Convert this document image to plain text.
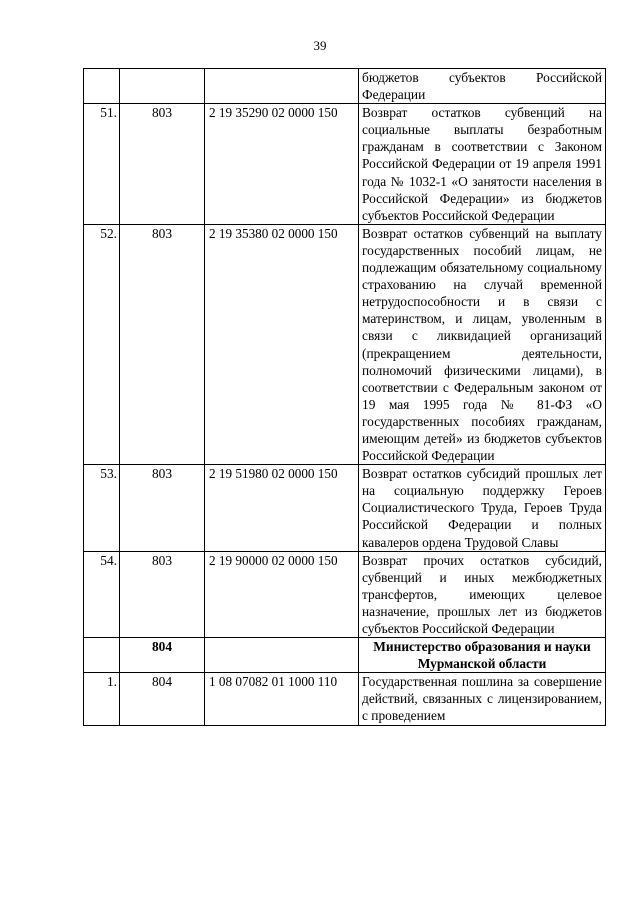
39
			бюджетов субъектов Российской Федерации
51.	803	2 19 35290 02 0000 150	Возврат остатков субвенций на социальные выплаты безработным гражданам в соответствии с Законом Российской Федерации от 19 апреля 1991 года № 1032-1 «О занятости населения в Российской Федерации» из бюджетов субъектов Российской Федерации
52.	803	2 19 35380 02 0000 150	Возврат остатков субвенций на выплату государственных пособий лицам, не подлежащим обязательному социальному страхованию на случай временной нетрудоспособности и в связи с материнством, и лицам, уволенным в связи с ликвидацией организаций (прекращением деятельности, полномочий физическими лицами), в соответствии с Федеральным законом от 19 мая 1995 года № 81-ФЗ «О государственных пособиях гражданам, имеющим детей» из бюджетов субъектов Российской Федерации
53.	803	2 19 51980 02 0000 150	Возврат остатков субсидий прошлых лет на социальную поддержку Героев Социалистического Труда, Героев Труда Российской Федерации и полных кавалеров ордена Трудовой Славы
54.	803	2 19 90000 02 0000 150	Возврат прочих остатков субсидий, субвенций и иных межбюджетных трансфертов, имеющих целевое назначение, прошлых лет из бюджетов субъектов Российской Федерации
	804		Министерство образования и науки Мурманской области
1.	804	1 08 07082 01 1000 110	Государственная пошлина за совершение действий, связанных с лицензированием, с проведением
